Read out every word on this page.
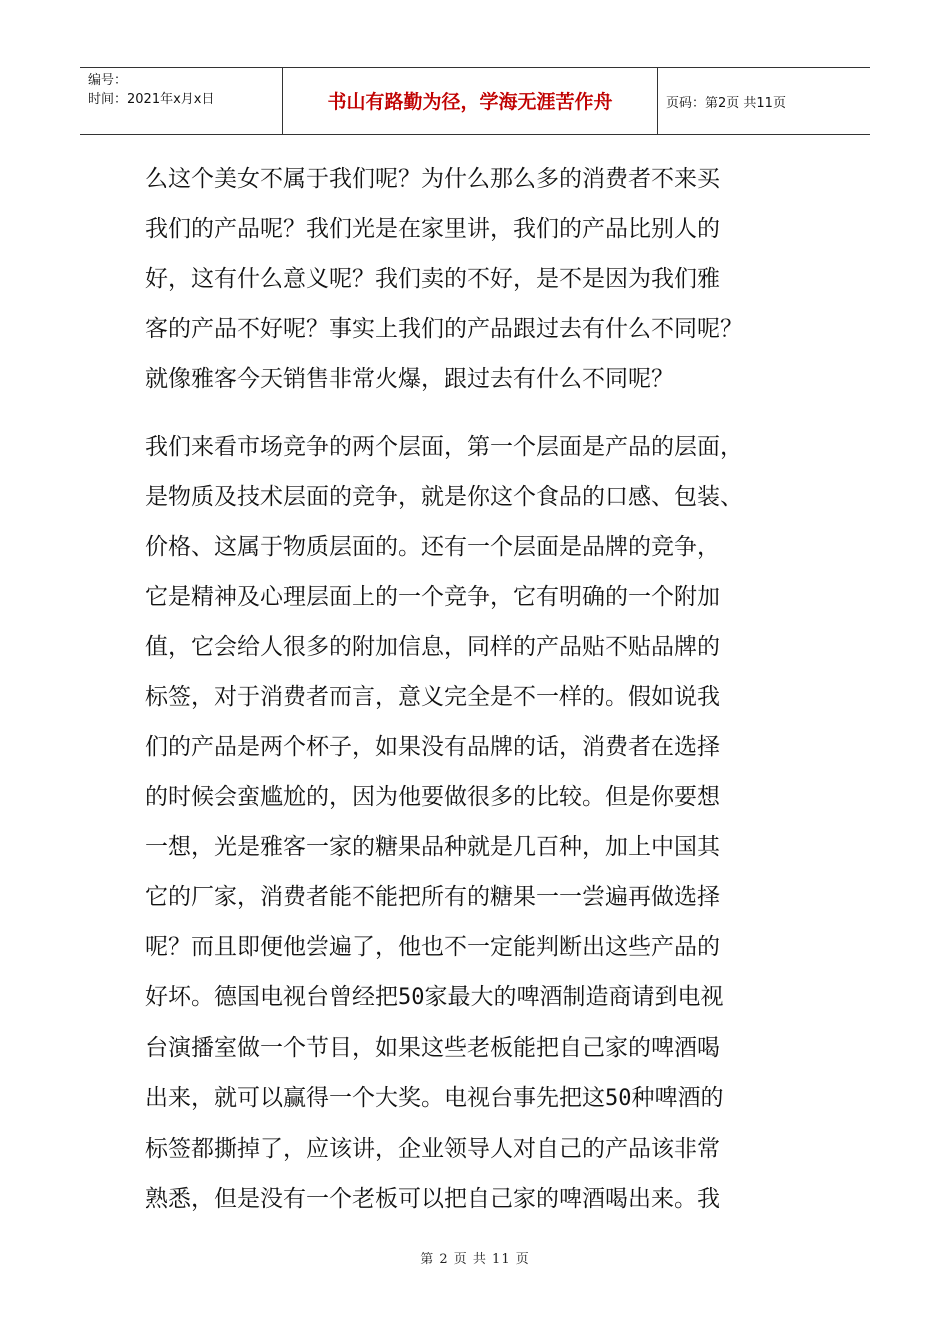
编号：
时间：2021年x月x日	书山有路勤为径，学海无涯苦作舟	页码：第2页 共11页

么这个美女不属于我们呢？为什么那么多的消费者不来买
我们的产品呢？我们光是在家里讲，我们的产品比别人的
好，这有什么意义呢？我们卖的不好，是不是因为我们雅
客的产品不好呢？事实上我们的产品跟过去有什么不同呢？
就像雅客今天销售非常火爆，跟过去有什么不同呢？

我们来看市场竞争的两个层面，第一个层面是产品的层面，
是物质及技术层面的竞争，就是你这个食品的口感、包装、
价格、这属于物质层面的。还有一个层面是品牌的竞争，
它是精神及心理层面上的一个竞争，它有明确的一个附加
值，它会给人很多的附加信息，同样的产品贴不贴品牌的
标签，对于消费者而言，意义完全是不一样的。假如说我
们的产品是两个杯子，如果没有品牌的话，消费者在选择
的时候会蛮尴尬的，因为他要做很多的比较。但是你要想
一想，光是雅客一家的糖果品种就是几百种，加上中国其
它的厂家，消费者能不能把所有的糖果一一尝遍再做选择
呢？而且即便他尝遍了，他也不一定能判断出这些产品的
好坏。德国电视台曾经把50家最大的啤酒制造商请到电视
台演播室做一个节目，如果这些老板能把自己家的啤酒喝
出来，就可以赢得一个大奖。电视台事先把这50种啤酒的
标签都撕掉了，应该讲，企业领导人对自己的产品该非常
熟悉，但是没有一个老板可以把自己家的啤酒喝出来。我

第 2 页 共 11 页
